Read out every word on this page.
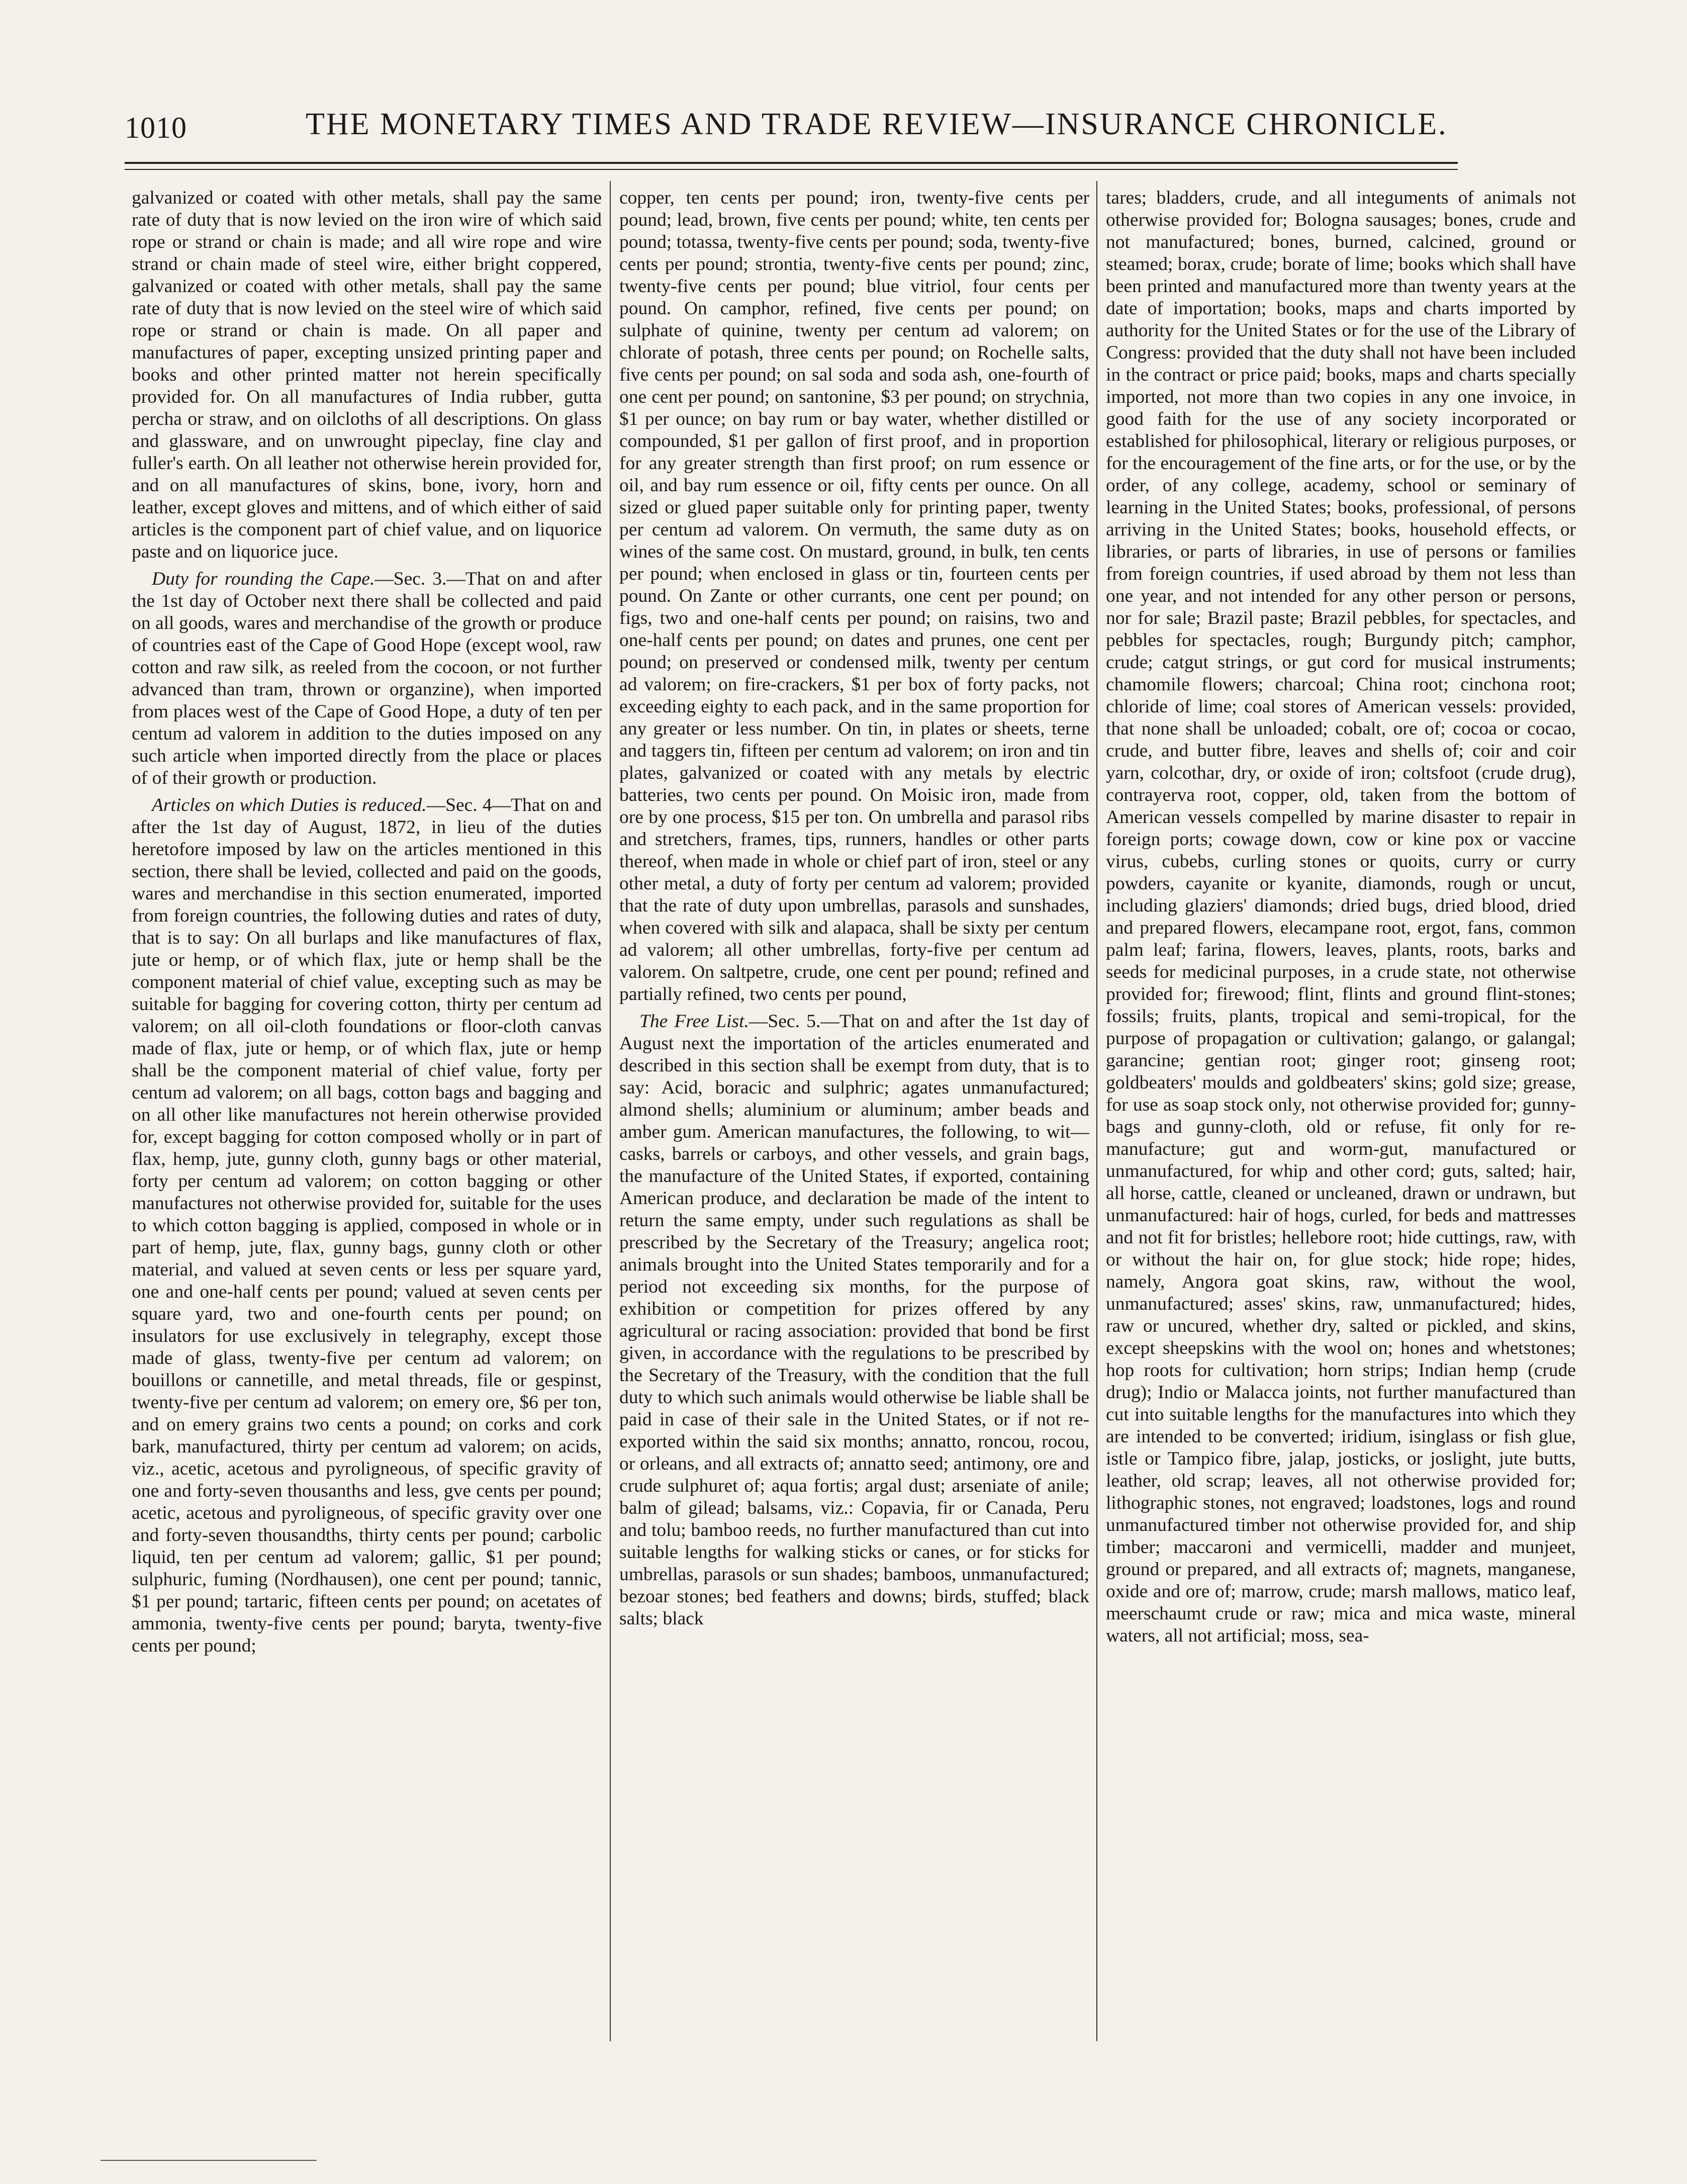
1010	THE MONETARY TIMES AND TRADE REVIEW—INSURANCE CHRONICLE.

galvanized or coated with other metals, shall pay the same rate of duty that is now levied on the iron wire of which said rope or strand or chain is made; and all wire rope and wire strand or chain made of steel wire, either bright coppered, galvanized or coated with other metals, shall pay the same rate of duty that is now levied on the steel wire of which said rope or strand or chain is made. On all paper and manufactures of paper, excepting unsized printing paper and books and other printed matter not herein specifically provided for. On all manufactures of India rubber, gutta percha or straw, and on oilcloths of all descriptions. On glass and glassware, and on unwrought pipeclay, fine clay and fuller's earth. On all leather not otherwise herein provided for, and on all manufactures of skins, bone, ivory, horn and leather, except gloves and mittens, and of which either of said articles is the component part of chief value, and on liquorice paste and on liquorice juce.

Duty for rounding the Cape.—Sec. 3.—That on and after the 1st day of October next there shall be collected and paid on all goods, wares and merchandise of the growth or produce of countries east of the Cape of Good Hope (except wool, raw cotton and raw silk, as reeled from the cocoon, or not further advanced than tram, thrown or organzine), when imported from places west of the Cape of Good Hope, a duty of ten per centum ad valorem in addition to the duties imposed on any such article when imported directly from the place or places of of their growth or production.

Articles on which Duties is reduced.—Sec. 4—That on and after the 1st day of August, 1872, in lieu of the duties heretofore imposed by law on the articles mentioned in this section, there shall be levied, collected and paid on the goods, wares and merchandise in this section enumerated, imported from foreign countries, the following duties and rates of duty, that is to say: On all burlaps and like manufactures of flax, jute or hemp, or of which flax, jute or hemp shall be the component material of chief value, excepting such as may be suitable for bagging for covering cotton, thirty per centum ad valorem; on all oil-cloth foundations or floor-cloth canvas made of flax, jute or hemp, or of which flax, jute or hemp shall be the component material of chief value, forty per centum ad valorem; on all bags, cotton bags and bagging and on all other like manufactures not herein otherwise provided for, except bagging for cotton composed wholly or in part of flax, hemp, jute, gunny cloth, gunny bags or other material, forty per centum ad valorem; on cotton bagging or other manufactures not otherwise provided for, suitable for the uses to which cotton bagging is applied, composed in whole or in part of hemp, jute, flax, gunny bags, gunny cloth or other material, and valued at seven cents or less per square yard, one and one-half cents per pound; valued at seven cents per square yard, two and one-fourth cents per pound; on insulators for use exclusively in telegraphy, except those made of glass, twenty-five per centum ad valorem; on bouillons or cannetille, and metal threads, file or gespinst, twenty-five per centum ad valorem; on emery ore, $6 per ton, and on emery grains two cents a pound; on corks and cork bark, manufactured, thirty per centum ad valorem; on acids, viz., acetic, acetous and pyroligneous, of specific gravity of one and forty-seven thousanths and less, gve cents per pound; acetic, acetous and pyroligneous, of specific gravity over one and forty-seven thousandths, thirty cents per pound; carbolic liquid, ten per centum ad valorem; gallic, $1 per pound; sulphuric, fuming (Nordhausen), one cent per pound; tannic, $1 per pound; tartaric, fifteen cents per pound; on acetates of ammonia, twenty-five cents per pound; baryta, twenty-five cents per pound;

copper, ten cents per pound; iron, twenty-five cents per pound; lead, brown, five cents per pound; white, ten cents per pound; totassa, twenty-five cents per pound; soda, twenty-five cents per pound; strontia, twenty-five cents per pound; zinc, twenty-five cents per pound; blue vitriol, four cents per pound. On camphor, refined, five cents per pound; on sulphate of quinine, twenty per centum ad valorem; on chlorate of potash, three cents per pound; on Rochelle salts, five cents per pound; on sal soda and soda ash, one-fourth of one cent per pound; on santonine, $3 per pound; on strychnia, $1 per ounce; on bay rum or bay water, whether distilled or compounded, $1 per gallon of first proof, and in proportion for any greater strength than first proof; on rum essence or oil, and bay rum essence or oil, fifty cents per ounce. On all sized or glued paper suitable only for printing paper, twenty per centum ad valorem. On vermuth, the same duty as on wines of the same cost. On mustard, ground, in bulk, ten cents per pound; when enclosed in glass or tin, fourteen cents per pound. On Zante or other currants, one cent per pound; on figs, two and one-half cents per pound; on raisins, two and one-half cents per pound; on dates and prunes, one cent per pound; on preserved or condensed milk, twenty per centum ad valorem; on fire-crackers, $1 per box of forty packs, not exceeding eighty to each pack, and in the same proportion for any greater or less number. On tin, in plates or sheets, terne and taggers tin, fifteen per centum ad valorem; on iron and tin plates, galvanized or coated with any metals by electric batteries, two cents per pound. On Moisic iron, made from ore by one process, $15 per ton. On umbrella and parasol ribs and stretchers, frames, tips, runners, handles or other parts thereof, when made in whole or chief part of iron, steel or any other metal, a duty of forty per centum ad valorem; provided that the rate of duty upon umbrellas, parasols and sunshades, when covered with silk and alapaca, shall be sixty per centum ad valorem; all other umbrellas, forty-five per centum ad valorem. On saltpetre, crude, one cent per pound; refined and partially refined, two cents per pound,

The Free List.—Sec. 5.—That on and after the 1st day of August next the importation of the articles enumerated and described in this section shall be exempt from duty, that is to say: Acid, boracic and sulphric; agates unmanufactured; almond shells; aluminium or aluminum; amber beads and amber gum. American manufactures, the following, to wit—casks, barrels or carboys, and other vessels, and grain bags, the manufacture of the United States, if exported, containing American produce, and declaration be made of the intent to return the same empty, under such regulations as shall be prescribed by the Secretary of the Treasury; angelica root; animals brought into the United States temporarily and for a period not exceeding six months, for the purpose of exhibition or competition for prizes offered by any agricultural or racing association: provided that bond be first given, in accordance with the regulations to be prescribed by the Secretary of the Treasury, with the condition that the full duty to which such animals would otherwise be liable shall be paid in case of their sale in the United States, or if not re-exported within the said six months; annatto, roncou, rocou, or orleans, and all extracts of; annatto seed; antimony, ore and crude sulphuret of; aqua fortis; argal dust; arseniate of anile; balm of gilead; balsams, viz.: Copavia, fir or Canada, Peru and tolu; bamboo reeds, no further manufactured than cut into suitable lengths for walking sticks or canes, or for sticks for umbrellas, parasols or sun shades; bamboos, unmanufactured; bezoar stones; bed feathers and downs; birds, stuffed; black salts; black

tares; bladders, crude, and all integuments of animals not otherwise provided for; Bologna sausages; bones, crude and not manufactured; bones, burned, calcined, ground or steamed; borax, crude; borate of lime; books which shall have been printed and manufactured more than twenty years at the date of importation; books, maps and charts imported by authority for the United States or for the use of the Library of Congress: provided that the duty shall not have been included in the contract or price paid; books, maps and charts specially imported, not more than two copies in any one invoice, in good faith for the use of any society incorporated or established for philosophical, literary or religious purposes, or for the encouragement of the fine arts, or for the use, or by the order, of any college, academy, school or seminary of learning in the United States; books, professional, of persons arriving in the United States; books, household effects, or libraries, or parts of libraries, in use of persons or families from foreign countries, if used abroad by them not less than one year, and not intended for any other person or persons, nor for sale; Brazil paste; Brazil pebbles, for spectacles, and pebbles for spectacles, rough; Burgundy pitch; camphor, crude; catgut strings, or gut cord for musical instruments; chamomile flowers; charcoal; China root; cinchona root; chloride of lime; coal stores of American vessels: provided, that none shall be unloaded; cobalt, ore of; cocoa or cocao, crude, and butter fibre, leaves and shells of; coir and coir yarn, colcothar, dry, or oxide of iron; coltsfoot (crude drug), contrayerva root, copper, old, taken from the bottom of American vessels compelled by marine disaster to repair in foreign ports; cowage down, cow or kine pox or vaccine virus, cubebs, curling stones or quoits, curry or curry powders, cayanite or kyanite, diamonds, rough or uncut, including glaziers' diamonds; dried bugs, dried blood, dried and prepared flowers, elecampane root, ergot, fans, common palm leaf; farina, flowers, leaves, plants, roots, barks and seeds for medicinal purposes, in a crude state, not otherwise provided for; firewood; flint, flints and ground flint-stones; fossils; fruits, plants, tropical and semi-tropical, for the purpose of propagation or cultivation; galango, or galangal; garancine; gentian root; ginger root; ginseng root; goldbeaters' moulds and goldbeaters' skins; gold size; grease, for use as soap stock only, not otherwise provided for; gunny-bags and gunny-cloth, old or refuse, fit only for re-manufacture; gut and worm-gut, manufactured or unmanufactured, for whip and other cord; guts, salted; hair, all horse, cattle, cleaned or uncleaned, drawn or undrawn, but unmanufactured: hair of hogs, curled, for beds and mattresses and not fit for bristles; hellebore root; hide cuttings, raw, with or without the hair on, for glue stock; hide rope; hides, namely, Angora goat skins, raw, without the wool, unmanufactured; asses' skins, raw, unmanufactured; hides, raw or uncured, whether dry, salted or pickled, and skins, except sheepskins with the wool on; hones and whetstones; hop roots for cultivation; horn strips; Indian hemp (crude drug); Indio or Malacca joints, not further manufactured than cut into suitable lengths for the manufactures into which they are intended to be converted; iridium, isinglass or fish glue, istle or Tampico fibre, jalap, josticks, or joslight, jute butts, leather, old scrap; leaves, all not otherwise provided for; lithographic stones, not engraved; loadstones, logs and round unmanufactured timber not otherwise provided for, and ship timber; maccaroni and vermicelli, madder and munjeet, ground or prepared, and all extracts of; magnets, manganese, oxide and ore of; marrow, crude; marsh mallows, matico leaf, meerschaumt crude or raw; mica and mica waste, mineral waters, all not artificial; moss, sea-
